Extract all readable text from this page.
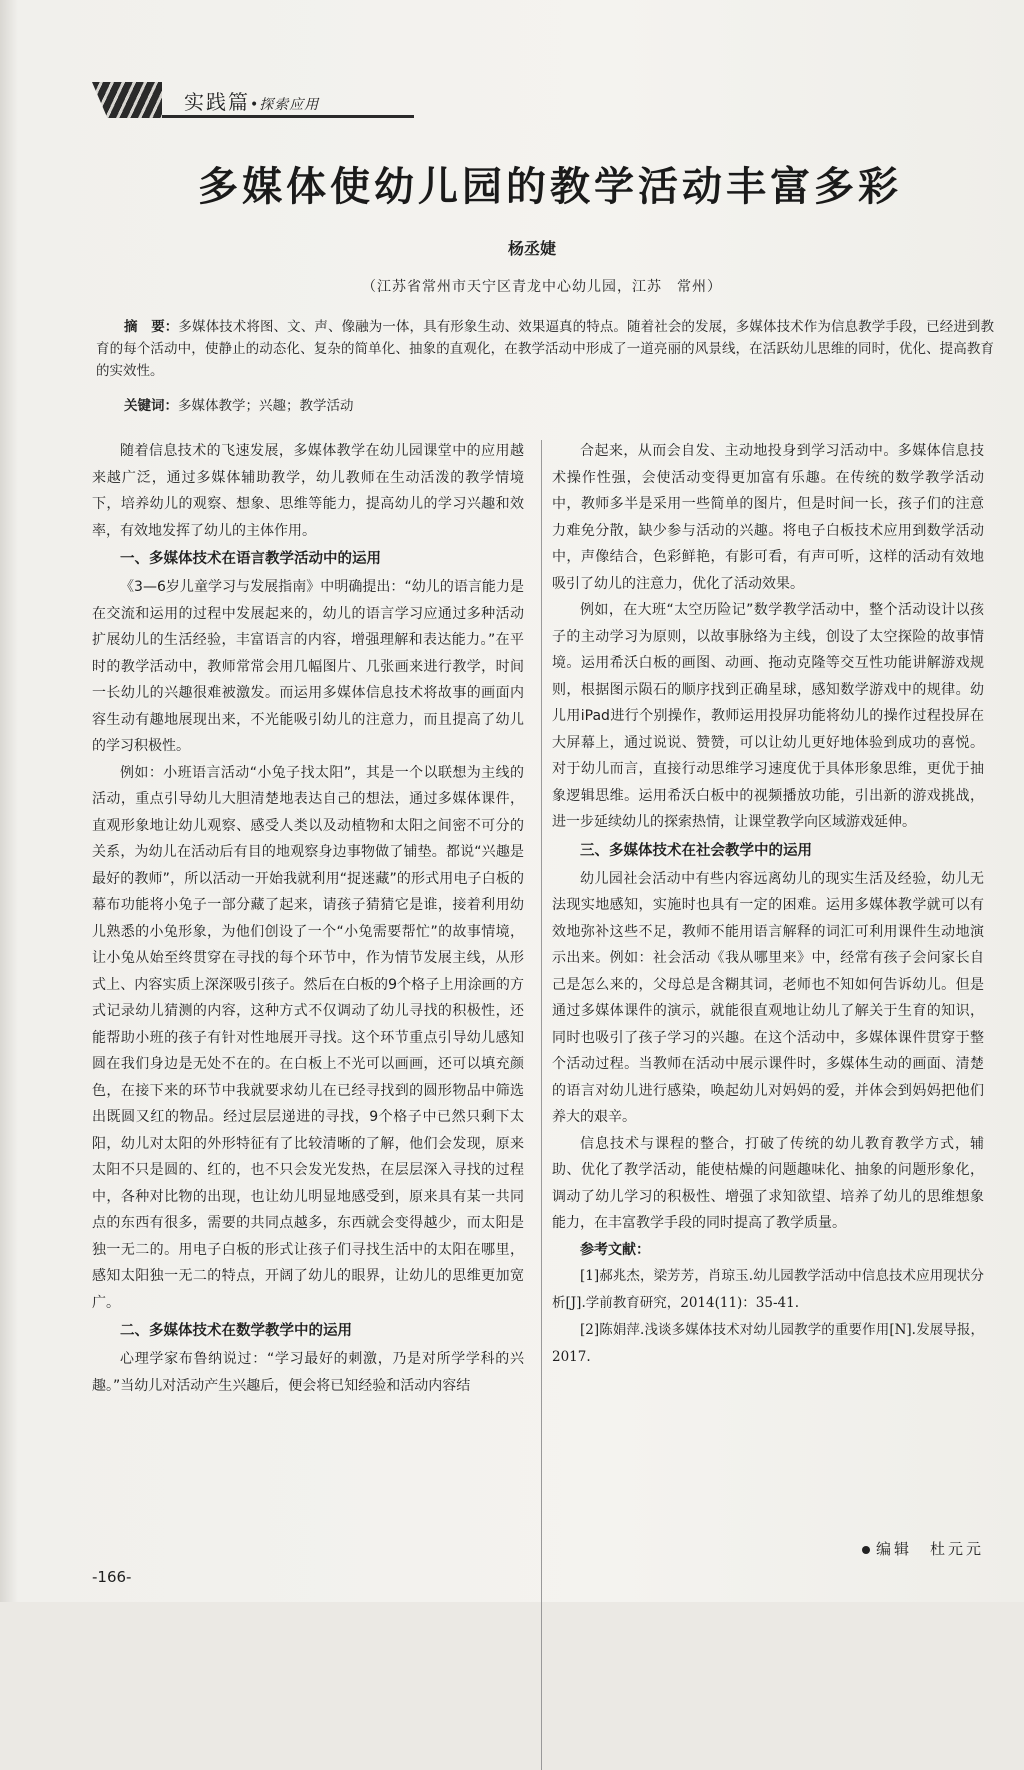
实践篇•探索应用
多媒体使幼儿园的教学活动丰富多彩
杨丞婕
（江苏省常州市天宁区青龙中心幼儿园，江苏　常州）
摘　要：多媒体技术将图、文、声、像融为一体，具有形象生动、效果逼真的特点。随着社会的发展，多媒体技术作为信息教学手段，已经进到教育的每个活动中，使静止的动态化、复杂的简单化、抽象的直观化，在教学活动中形成了一道亮丽的风景线，在活跃幼儿思维的同时，优化、提高教育的实效性。
关键词：多媒体教学；兴趣；教学活动

随着信息技术的飞速发展，多媒体教学在幼儿园课堂中的应用越来越广泛，通过多媒体辅助教学，幼儿教师在生动活泼的教学情境下，培养幼儿的观察、想象、思维等能力，提高幼儿的学习兴趣和效率，有效地发挥了幼儿的主体作用。

一、多媒体技术在语言教学活动中的运用

《3—6岁儿童学习与发展指南》中明确提出：“幼儿的语言能力是在交流和运用的过程中发展起来的，幼儿的语言学习应通过多种活动扩展幼儿的生活经验，丰富语言的内容，增强理解和表达能力。”在平时的教学活动中，教师常常会用几幅图片、几张画来进行教学，时间一长幼儿的兴趣很难被激发。而运用多媒体信息技术将故事的画面内容生动有趣地展现出来，不光能吸引幼儿的注意力，而且提高了幼儿的学习积极性。

例如：小班语言活动“小兔子找太阳”，其是一个以联想为主线的活动，重点引导幼儿大胆清楚地表达自己的想法，通过多媒体课件，直观形象地让幼儿观察、感受人类以及动植物和太阳之间密不可分的关系，为幼儿在活动后有目的地观察身边事物做了铺垫。都说“兴趣是最好的教师”，所以活动一开始我就利用“捉迷藏”的形式用电子白板的幕布功能将小兔子一部分藏了起来，请孩子猜猜它是谁，接着利用幼儿熟悉的小兔形象，为他们创设了一个“小兔需要帮忙”的故事情境，让小兔从始至终贯穿在寻找的每个环节中，作为情节发展主线，从形式上、内容实质上深深吸引孩子。然后在白板的9个格子上用涂画的方式记录幼儿猜测的内容，这种方式不仅调动了幼儿寻找的积极性，还能帮助小班的孩子有针对性地展开寻找。这个环节重点引导幼儿感知圆在我们身边是无处不在的。在白板上不光可以画画，还可以填充颜色，在接下来的环节中我就要求幼儿在已经寻找到的圆形物品中筛选出既圆又红的物品。经过层层递进的寻找，9个格子中已然只剩下太阳，幼儿对太阳的外形特征有了比较清晰的了解，他们会发现，原来太阳不只是圆的、红的，也不只会发光发热，在层层深入寻找的过程中，各种对比物的出现，也让幼儿明显地感受到，原来具有某一共同点的东西有很多，需要的共同点越多，东西就会变得越少，而太阳是独一无二的。用电子白板的形式让孩子们寻找生活中的太阳在哪里，感知太阳独一无二的特点，开阔了幼儿的眼界，让幼儿的思维更加宽广。

二、多媒体技术在数学教学中的运用

心理学家布鲁纳说过：“学习最好的刺激，乃是对所学学科的兴趣。”当幼儿对活动产生兴趣后，便会将已知经验和活动内容结

合起来，从而会自发、主动地投身到学习活动中。多媒体信息技术操作性强，会使活动变得更加富有乐趣。在传统的数学教学活动中，教师多半是采用一些简单的图片，但是时间一长，孩子们的注意力难免分散，缺少参与活动的兴趣。将电子白板技术应用到数学活动中，声像结合，色彩鲜艳，有影可看，有声可听，这样的活动有效地吸引了幼儿的注意力，优化了活动效果。

例如，在大班“太空历险记”数学教学活动中，整个活动设计以孩子的主动学习为原则，以故事脉络为主线，创设了太空探险的故事情境。运用希沃白板的画图、动画、拖动克隆等交互性功能讲解游戏规则，根据图示陨石的顺序找到正确星球，感知数学游戏中的规律。幼儿用iPad进行个别操作，教师运用投屏功能将幼儿的操作过程投屏在大屏幕上，通过说说、赞赞，可以让幼儿更好地体验到成功的喜悦。对于幼儿而言，直接行动思维学习速度优于具体形象思维，更优于抽象逻辑思维。运用希沃白板中的视频播放功能，引出新的游戏挑战，进一步延续幼儿的探索热情，让课堂教学向区域游戏延伸。

三、多媒体技术在社会教学中的运用

幼儿园社会活动中有些内容远离幼儿的现实生活及经验，幼儿无法现实地感知，实施时也具有一定的困难。运用多媒体教学就可以有效地弥补这些不足，教师不能用语言解释的词汇可利用课件生动地演示出来。例如：社会活动《我从哪里来》中，经常有孩子会问家长自己是怎么来的，父母总是含糊其词，老师也不知如何告诉幼儿。但是通过多媒体课件的演示，就能很直观地让幼儿了解关于生育的知识，同时也吸引了孩子学习的兴趣。在这个活动中，多媒体课件贯穿于整个活动过程。当教师在活动中展示课件时，多媒体生动的画面、清楚的语言对幼儿进行感染，唤起幼儿对妈妈的爱，并体会到妈妈把他们养大的艰辛。

信息技术与课程的整合，打破了传统的幼儿教育教学方式，辅助、优化了教学活动，能使枯燥的问题趣味化、抽象的问题形象化，调动了幼儿学习的积极性、增强了求知欲望、培养了幼儿的思维想象能力，在丰富教学手段的同时提高了教学质量。

参考文献：

[1]郝兆杰，梁芳芳，肖琼玉.幼儿园教学活动中信息技术应用现状分析[J].学前教育研究，2014(11)：35-41.

[2]陈娟萍.浅谈多媒体技术对幼儿园教学的重要作用[N].发展导报，2017.

编辑　杜元元
-166-
